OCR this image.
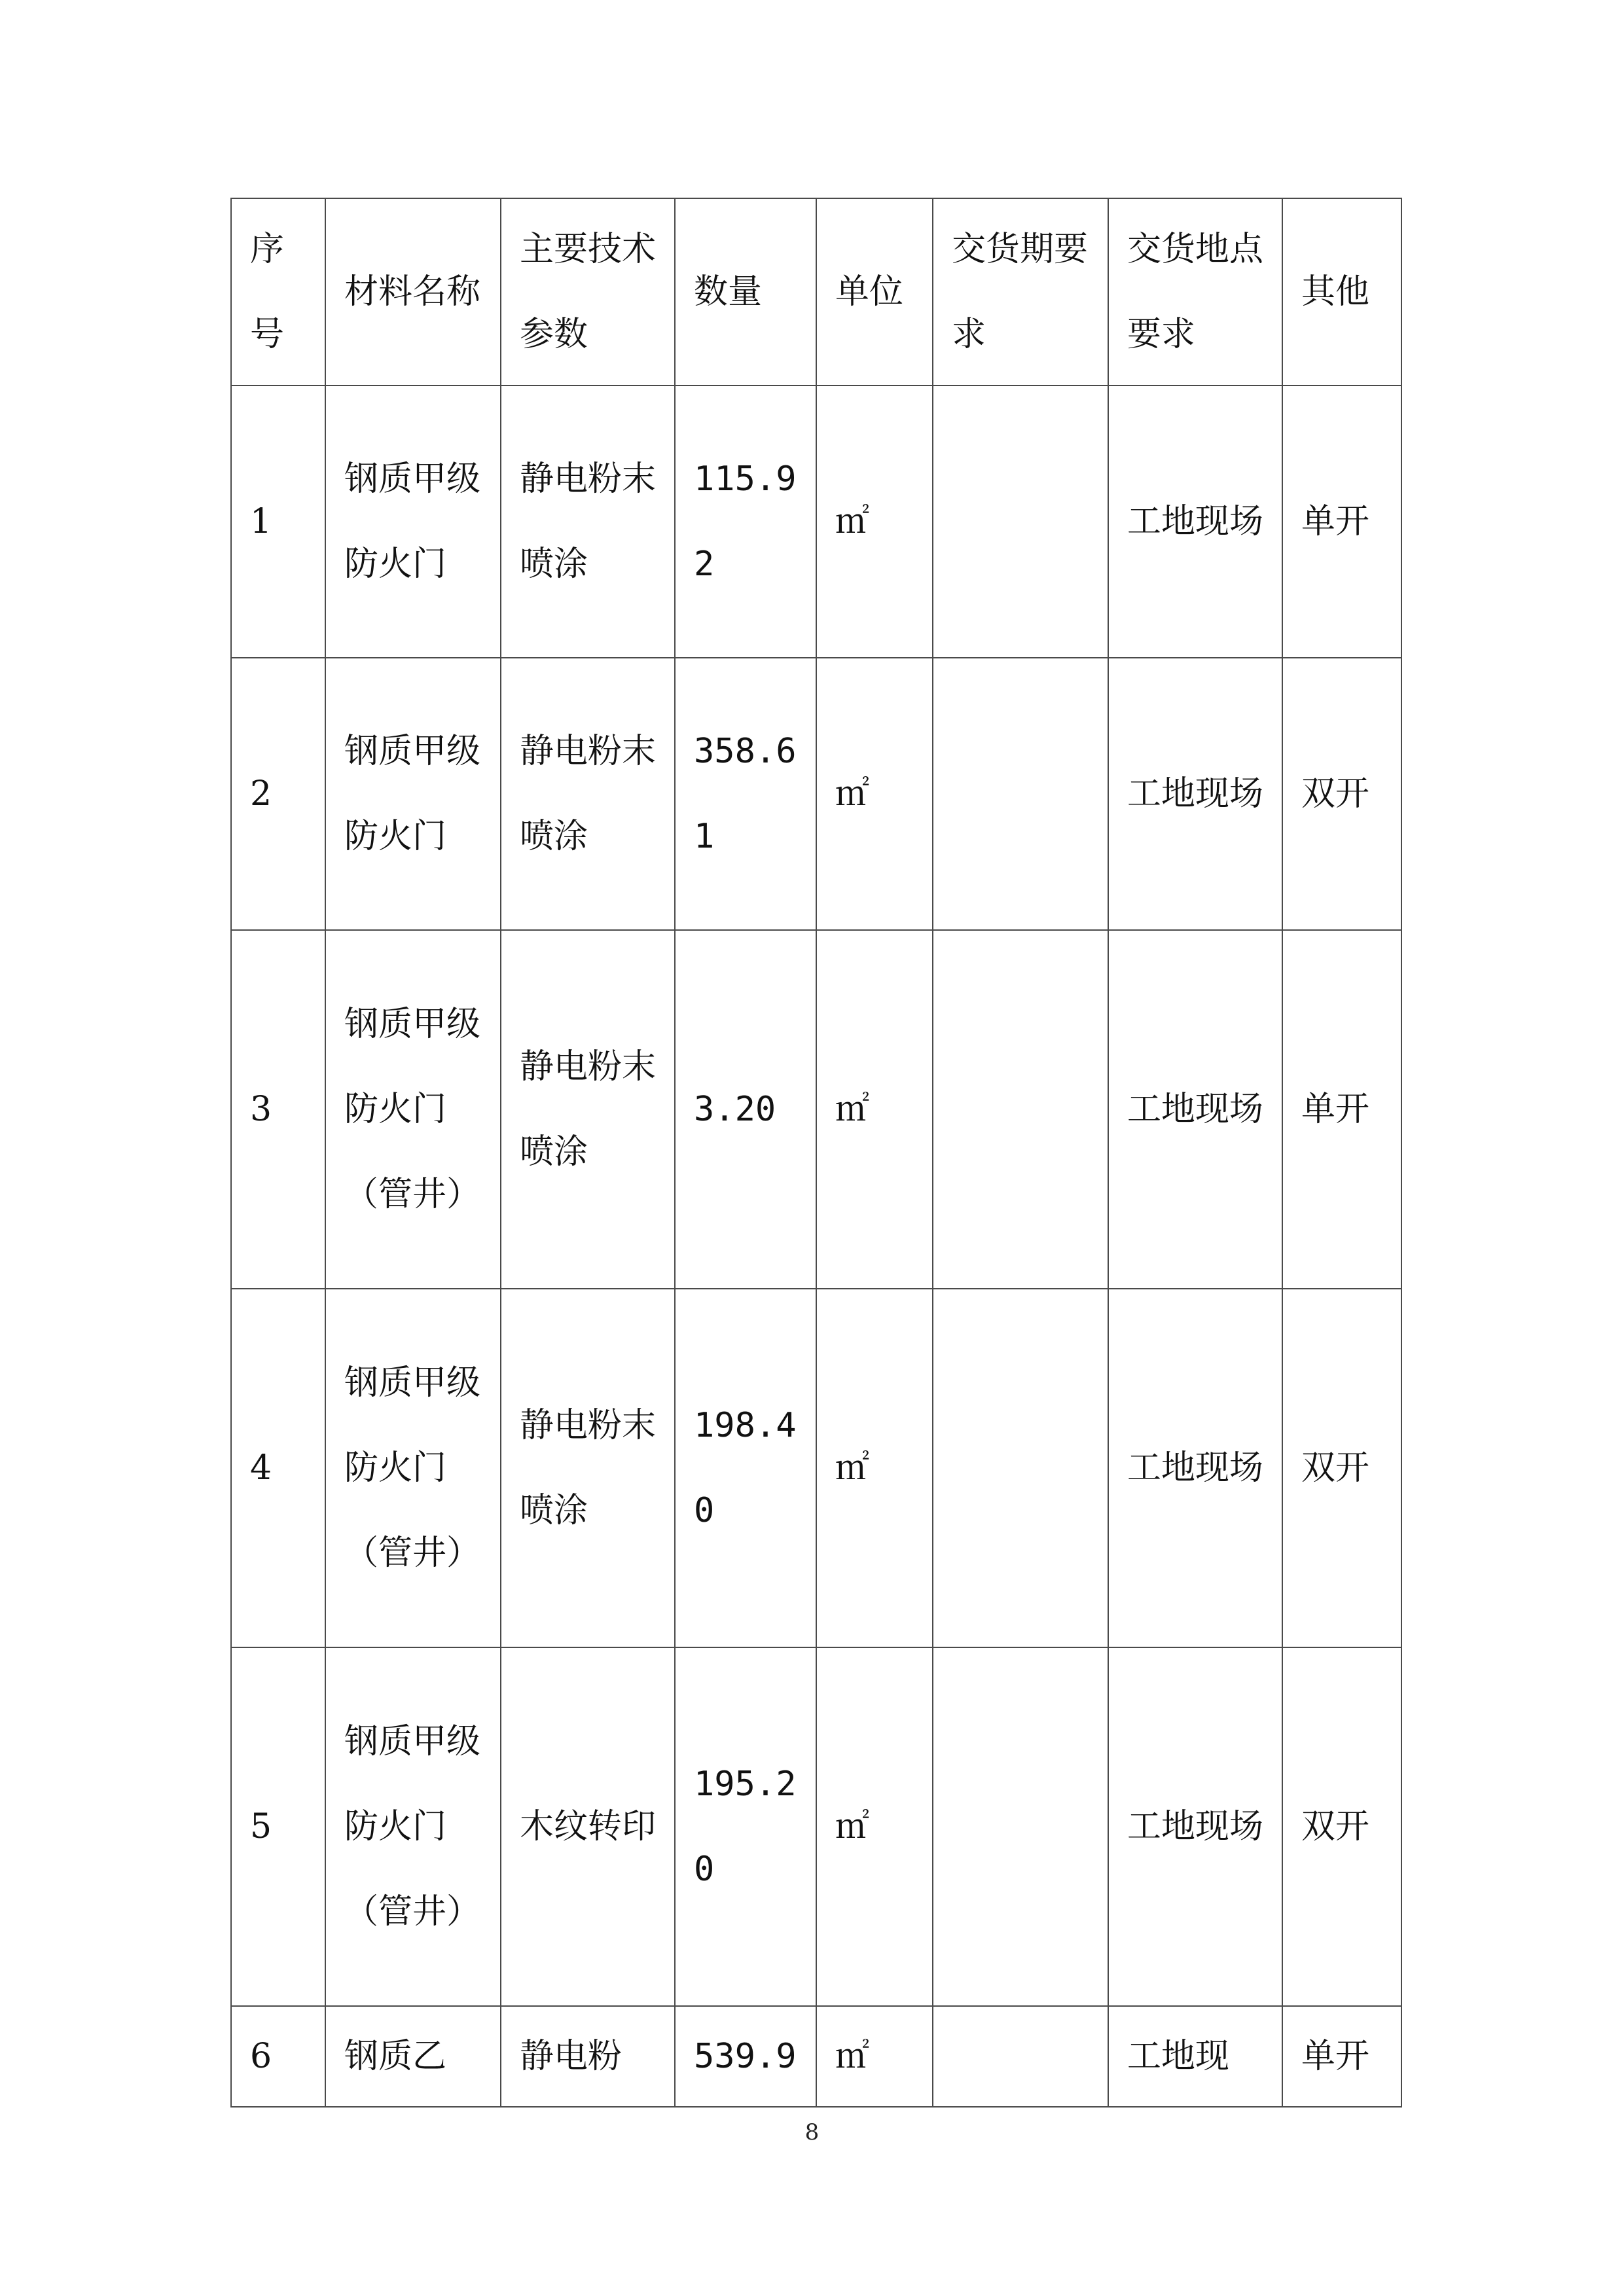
序号	材料名称	主要技术参数	数量	单位	交货期要求	交货地点要求	其他
1	钢质甲级防火门	静电粉末喷涂	115.92	㎡		工地现场	单开
2	钢质甲级防火门	静电粉末喷涂	358.61	㎡		工地现场	双开
3	钢质甲级防火门（管井）	静电粉末喷涂	3.20	㎡		工地现场	单开
4	钢质甲级防火门（管井）	静电粉末喷涂	198.40	㎡		工地现场	双开
5	钢质甲级防火门（管井）	木纹转印	195.20	㎡		工地现场	双开
6	钢质乙	静电粉	539.9	㎡		工地现	单开
8
